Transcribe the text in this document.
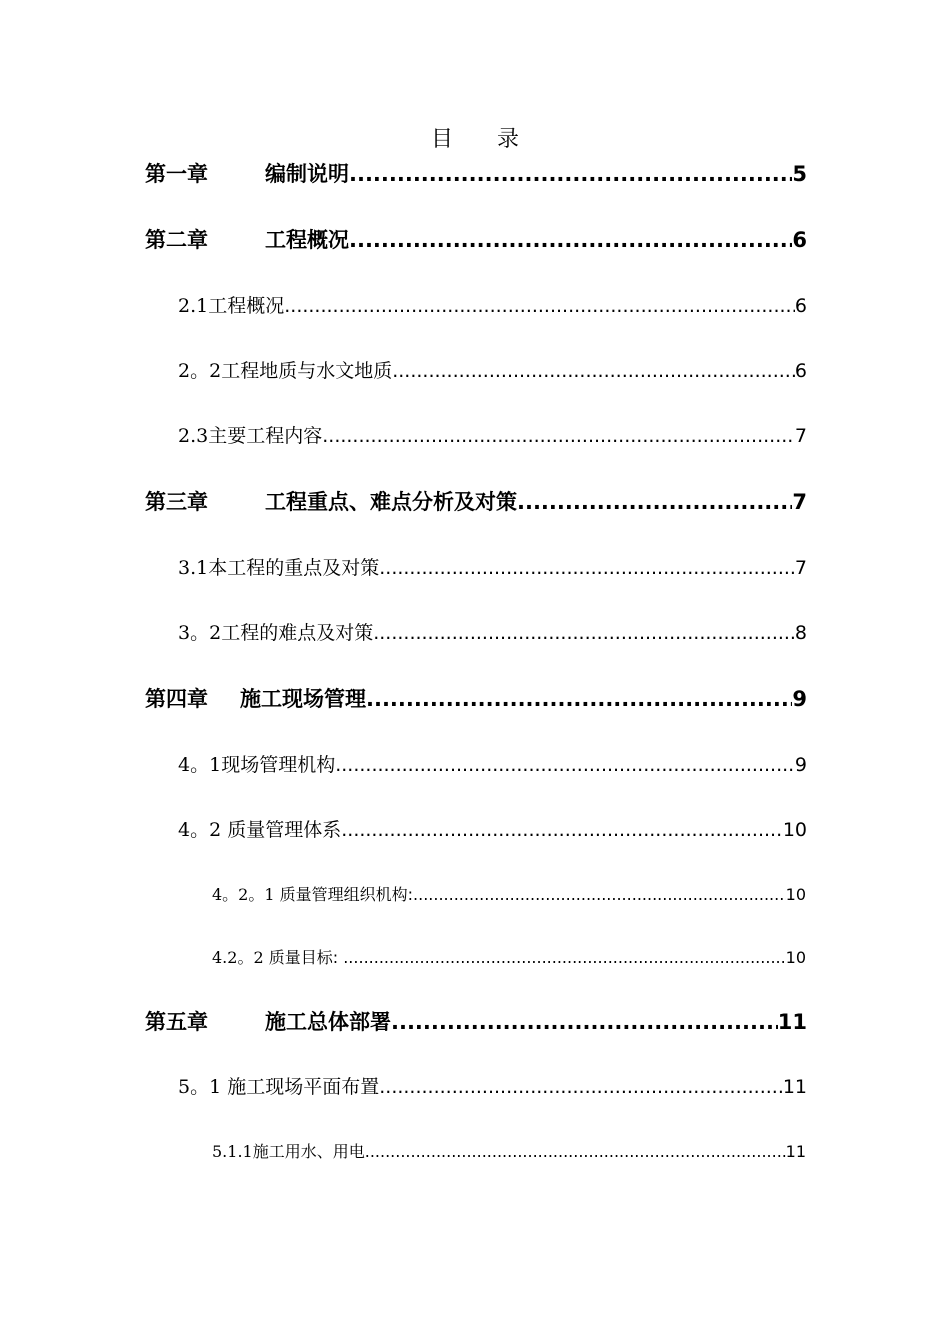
目 录
第一章	编制说明 .....	5
第二章	工程概况 .....	6
2.1工程概况 .....	6
2。2工程地质与水文地质 .....	6
2.3主要工程内容 .....	7
第三章	工程重点、难点分析及对策 .....	7
3.1本工程的重点及对策 .....	7
3。2工程的难点及对策 .....	8
第四章 施工现场管理 .....	9
4。1现场管理机构 .....	9
4。2 质量管理体系 .....	10
4。2。1 质量管理组织机构: .....	10
4.2。2 质量目标: .....	10
第五章	施工总体部署 .....	11
5。1 施工现场平面布置 .....	11
5.1.1施工用水、用电 .....	11
